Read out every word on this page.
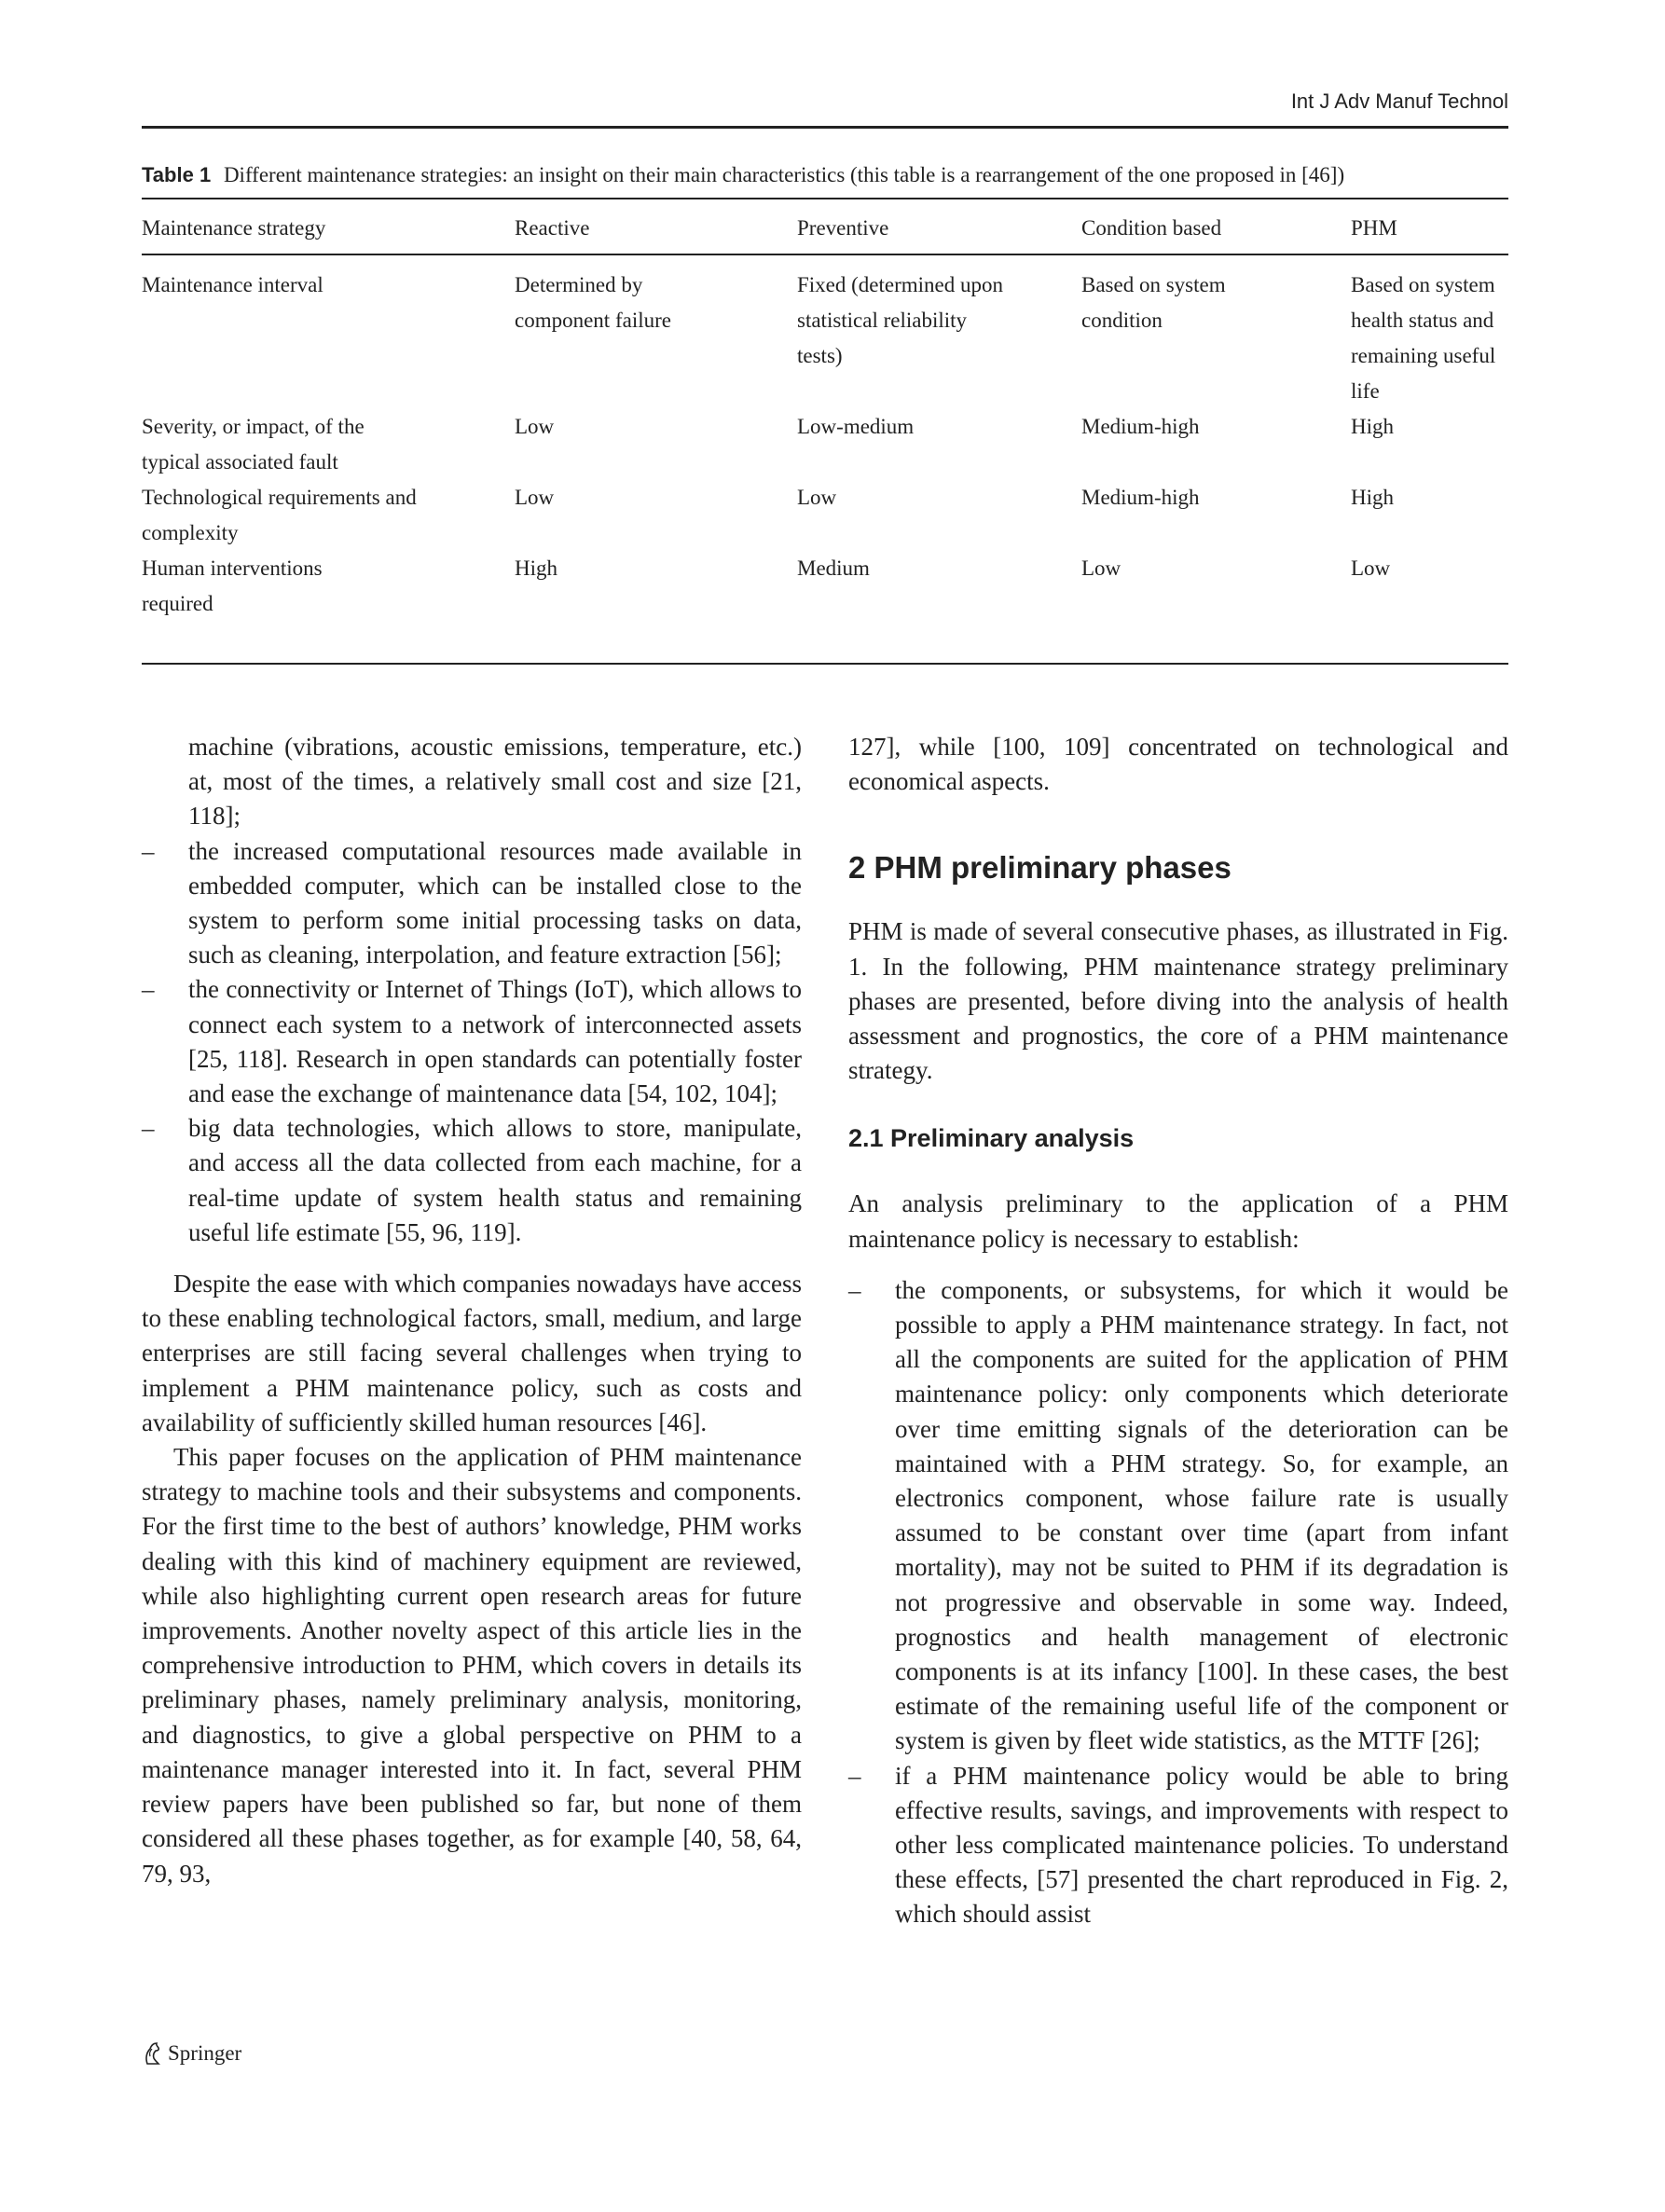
Int J Adv Manuf Technol
Table 1 Different maintenance strategies: an insight on their main characteristics (this table is a rearrangement of the one proposed in [46])
Maintenance strategy	Reactive	Preventive	Condition based	PHM
Maintenance interval	Determined by component failure	Fixed (determined upon statistical reliability tests)	Based on system condition	Based on system health status and remaining useful life
Severity, or impact, of the typical associated fault	Low	Low-medium	Medium-high	High
Technological requirements and complexity	Low	Low	Medium-high	High
Human interventions required	High	Medium	Low	Low
machine (vibrations, acoustic emissions, temperature, etc.) at, most of the times, a relatively small cost and size [21, 118];
– the increased computational resources made available in embedded computer, which can be installed close to the system to perform some initial processing tasks on data, such as cleaning, interpolation, and feature extraction [56];
– the connectivity or Internet of Things (IoT), which allows to connect each system to a network of interconnected assets [25, 118]. Research in open standards can potentially foster and ease the exchange of maintenance data [54, 102, 104];
– big data technologies, which allows to store, manipulate, and access all the data collected from each machine, for a real-time update of system health status and remaining useful life estimate [55, 96, 119].

Despite the ease with which companies nowadays have access to these enabling technological factors, small, medium, and large enterprises are still facing several challenges when trying to implement a PHM maintenance policy, such as costs and availability of sufficiently skilled human resources [46].

This paper focuses on the application of PHM maintenance strategy to machine tools and their subsystems and components. For the first time to the best of authors’ knowledge, PHM works dealing with this kind of machinery equipment are reviewed, while also highlighting current open research areas for future improvements. Another novelty aspect of this article lies in the comprehensive introduction to PHM, which covers in details its preliminary phases, namely preliminary analysis, monitoring, and diagnostics, to give a global perspective on PHM to a maintenance manager interested into it. In fact, several PHM review papers have been published so far, but none of them considered all these phases together, as for example [40, 58, 64, 79, 93,

127], while [100, 109] concentrated on technological and economical aspects.

2 PHM preliminary phases

PHM is made of several consecutive phases, as illustrated in Fig. 1. In the following, PHM maintenance strategy preliminary phases are presented, before diving into the analysis of health assessment and prognostics, the core of a PHM maintenance strategy.

2.1 Preliminary analysis

An analysis preliminary to the application of a PHM maintenance policy is necessary to establish:

– the components, or subsystems, for which it would be possible to apply a PHM maintenance strategy. In fact, not all the components are suited for the application of PHM maintenance policy: only components which deteriorate over time emitting signals of the deterioration can be maintained with a PHM strategy. So, for example, an electronics component, whose failure rate is usually assumed to be constant over time (apart from infant mortality), may not be suited to PHM if its degradation is not progressive and observable in some way. Indeed, prognostics and health management of electronic components is at its infancy [100]. In these cases, the best estimate of the remaining useful life of the component or system is given by fleet wide statistics, as the MTTF [26];
– if a PHM maintenance policy would be able to bring effective results, savings, and improvements with respect to other less complicated maintenance policies. To understand these effects, [57] presented the chart reproduced in Fig. 2, which should assist
Springer
